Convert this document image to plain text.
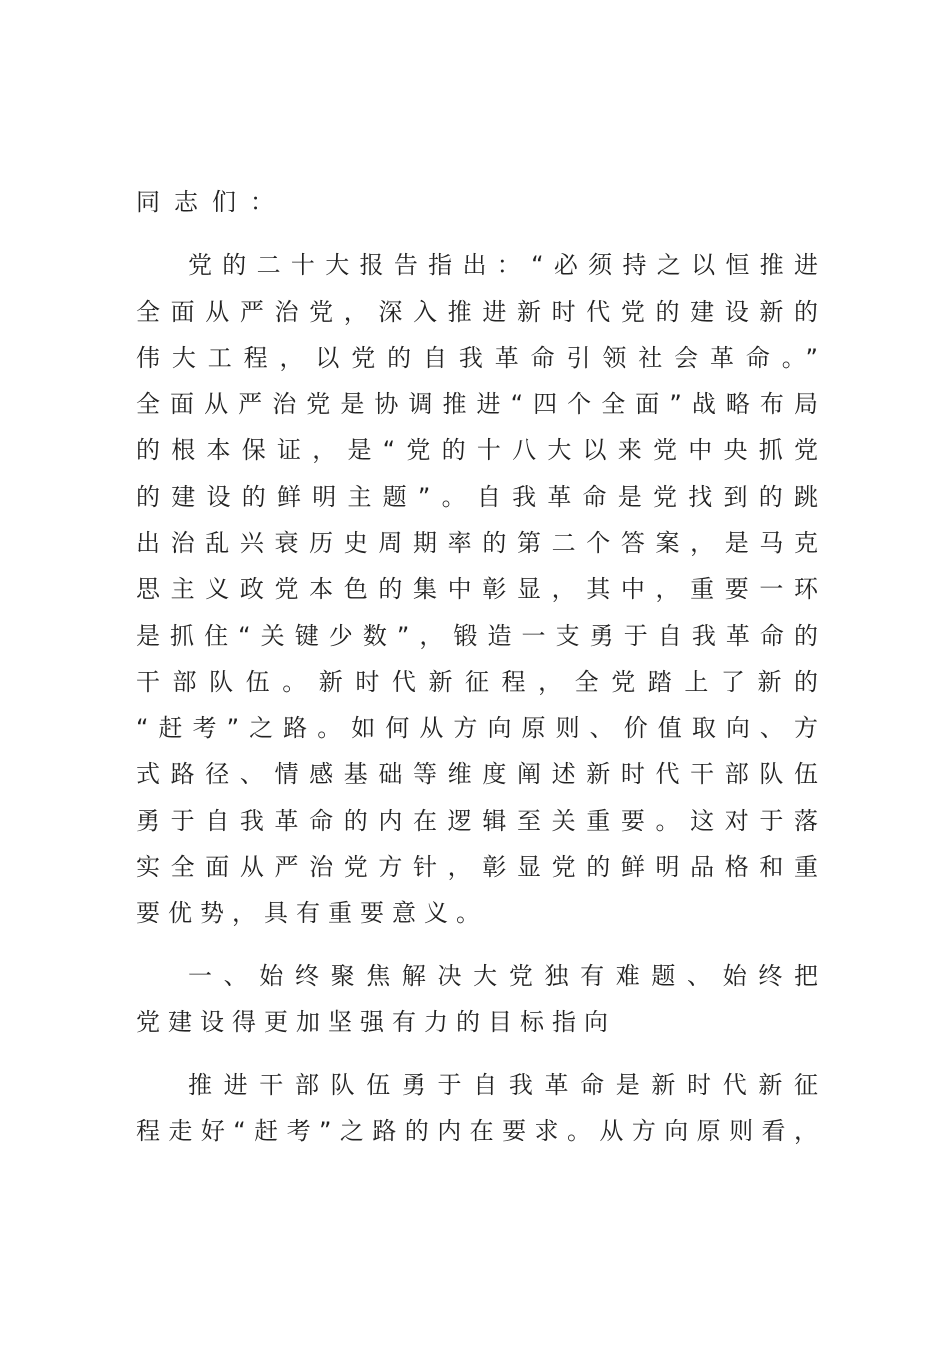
同志们：
党的二十大报告指出：“必须持之以恒推进
全面从严治党，深入推进新时代党的建设新的
伟大工程，以党的自我革命引领社会革命。”
全面从严治党是协调推进“四个全面”战略布局
的根本保证，是“党的十八大以来党中央抓党
的建设的鲜明主题”。自我革命是党找到的跳
出治乱兴衰历史周期率的第二个答案，是马克
思主义政党本色的集中彰显，其中，重要一环
是抓住“关键少数”，锻造一支勇于自我革命的
干部队伍。新时代新征程，全党踏上了新的
“赶考”之路。如何从方向原则、价值取向、方
式路径、情感基础等维度阐述新时代干部队伍
勇于自我革命的内在逻辑至关重要。这对于落
实全面从严治党方针，彰显党的鲜明品格和重
要优势，具有重要意义。
一、始终聚焦解决大党独有难题、始终把
党建设得更加坚强有力的目标指向
推进干部队伍勇于自我革命是新时代新征
程走好“赶考”之路的内在要求。从方向原则看，
